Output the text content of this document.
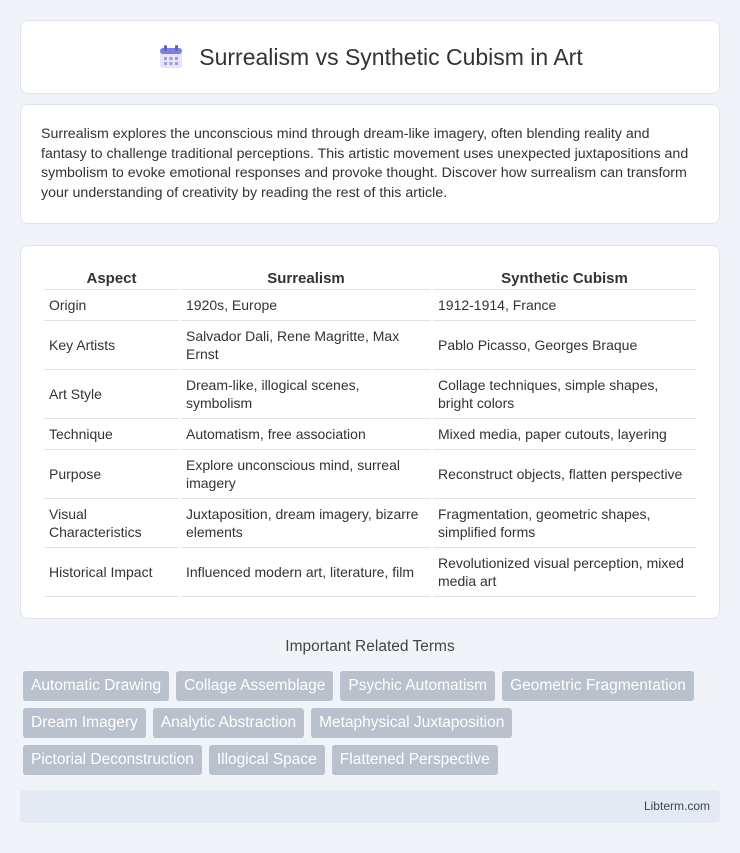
Surrealism vs Synthetic Cubism in Art

Surrealism explores the unconscious mind through dream-like imagery, often blending reality and fantasy to challenge traditional perceptions. This artistic movement uses unexpected juxtapositions and symbolism to evoke emotional responses and provoke thought. Discover how surrealism can transform your understanding of creativity by reading the rest of this article.

Aspect	Surrealism	Synthetic Cubism
Origin	1920s, Europe	1912-1914, France
Key Artists	Salvador Dali, Rene Magritte, Max Ernst	Pablo Picasso, Georges Braque
Art Style	Dream-like, illogical scenes, symbolism	Collage techniques, simple shapes, bright colors
Technique	Automatism, free association	Mixed media, paper cutouts, layering
Purpose	Explore unconscious mind, surreal imagery	Reconstruct objects, flatten perspective
Visual Characteristics	Juxtaposition, dream imagery, bizarre elements	Fragmentation, geometric shapes, simplified forms
Historical Impact	Influenced modern art, literature, film	Revolutionized visual perception, mixed media art
Important Related Terms
Automatic Drawing	Collage Assemblage	Psychic Automatism	Geometric Fragmentation
Dream Imagery	Analytic Abstraction	Metaphysical Juxtaposition
Pictorial Deconstruction	Illogical Space	Flattened Perspective
Libterm.com
